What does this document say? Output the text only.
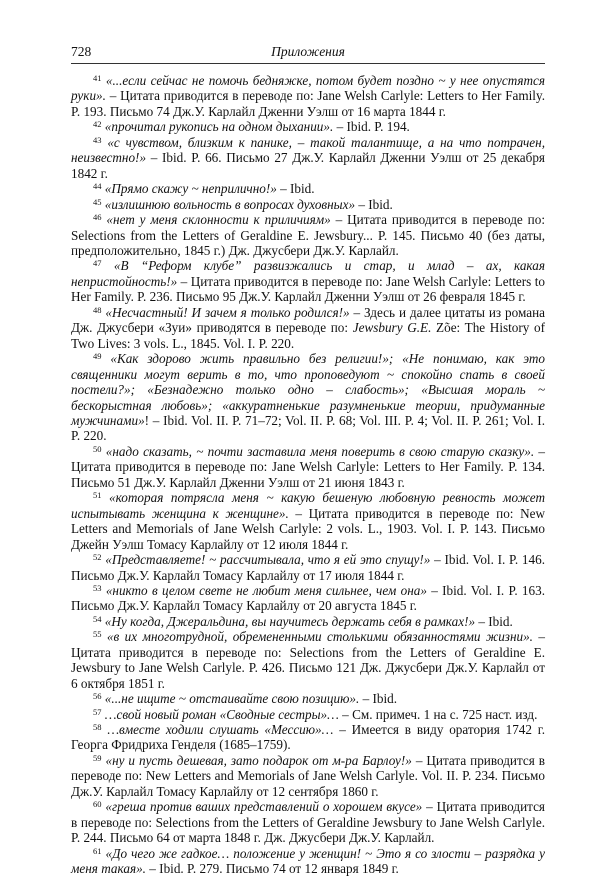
728	Приложения

$^{41}$ «...если сейчас не помочь бедняжке, потом будет поздно ~ у нее опустятся руки». – Цитата приводится в переводе по: Jane Welsh Carlyle: Letters to Her Family. P. 193. Письмо 74 Дж.У. Карлайл Дженни Уэлш от 16 марта 1844 г.

$^{42}$ «прочитал рукопись на одном дыхании». – Ibid. P. 194.

$^{43}$ «с чувством, близким к панике, – такой талантище, а на что потрачен, неизвестно!» – Ibid. P. 66. Письмо 27 Дж.У. Карлайл Дженни Уэлш от 25 декабря 1842 г.

$^{44}$ «Прямо скажу ~ неприлично!» – Ibid.

$^{45}$ «излишнюю вольность в вопросах духовных» – Ibid.

$^{46}$ «нет у меня склонности к приличиям» – Цитата приводится в переводе по: Selections from the Letters of Geraldine E. Jewsbury... P. 145. Письмо 40 (без даты, предположительно, 1845 г.) Дж. Джусбери Дж.У. Карлайл.

$^{47}$ «В “Реформ клубе” развизжались и стар, и млад – ах, какая непристойность!» – Цитата приводится в переводе по: Jane Welsh Carlyle: Letters to Her Family. P. 236. Письмо 95 Дж.У. Карлайл Дженни Уэлш от 26 февраля 1845 г.

$^{48}$ «Несчастный! И зачем я только родился!» – Здесь и далее цитаты из романа Дж. Джусбери «Зуи» приводятся в переводе по: Jewsbury G.E. Zõe: The History of Two Lives: 3 vols. L., 1845. Vol. I. P. 220.

$^{49}$ «Как здорово жить правильно без религии!»; «Не понимаю, как это священники могут верить в то, что проповедуют ~ спокойно спать в своей постели?»; «Безнадежно только одно – слабость»; «Высшая мораль ~ бескорыстная любовь»; «аккуратненькие разумненькие теории, придуманные мужчинами»! – Ibid. Vol. II. P. 71–72; Vol. II. P. 68; Vol. III. P. 4; Vol. II. P. 261; Vol. I. P. 220.

$^{50}$ «надо сказать, ~ почти заставила меня поверить в свою старую сказку». – Цитата приводится в переводе по: Jane Welsh Carlyle: Letters to Her Family. P. 134. Письмо 51 Дж.У. Карлайл Дженни Уэлш от 21 июня 1843 г.

$^{51}$ «которая потрясла меня ~ какую бешеную любовную ревность может испытывать женщина к женщине». – Цитата приводится в переводе по: New Letters and Memorials of Jane Welsh Carlyle: 2 vols. L., 1903. Vol. I. P. 143. Письмо Джейн Уэлш Томасу Карлайлу от 12 июля 1844 г.

$^{52}$ «Представляете! ~ рассчитывала, что я ей это спущу!» – Ibid. Vol. I. P. 146. Письмо Дж.У. Карлайл Томасу Карлайлу от 17 июля 1844 г.

$^{53}$ «никто в целом свете не любит меня сильнее, чем она» – Ibid. Vol. I. P. 163. Письмо Дж.У. Карлайл Томасу Карлайлу от 20 августа 1845 г.

$^{54}$ «Ну когда, Джеральдина, вы научитесь держать себя в рамках!» – Ibid.

$^{55}$ «в их многотрудной, обремененными столькими обязанностями жизни». – Цитата приводится в переводе по: Selections from the Letters of Geraldine E. Jewsbury to Jane Welsh Carlyle. P. 426. Письмо 121 Дж. Джусбери Дж.У. Карлайл от 6 октября 1851 г.

$^{56}$ «...не ищите ~ отстаивайте свою позицию». – Ibid.

$^{57}$ …свой новый роман «Сводные сестры»… – См. примеч. 1 на с. 725 наст. изд.

$^{58}$ …вместе ходили слушать «Мессию»… – Имеется в виду оратория 1742 г. Георга Фридриха Генделя (1685–1759).

$^{59}$ «ну и пусть дешевая, зато подарок от м-ра Барлоу!» – Цитата приводится в переводе по: New Letters and Memorials of Jane Welsh Carlyle. Vol. II. P. 234. Письмо Дж.У. Карлайл Томасу Карлайлу от 12 сентября 1860 г.

$^{60}$ «греша против ваших представлений о хорошем вкусе» – Цитата приводится в переводе по: Selections from the Letters of Geraldine Jewsbury to Jane Welsh Carlyle. P. 244. Письмо 64 от марта 1848 г. Дж. Джусбери Дж.У. Карлайл.

$^{61}$ «До чего же гадкое… положение у женщин! ~ Это я со злости – разрядка у меня такая». – Ibid. P. 279. Письмо 74 от 12 января 1849 г.
